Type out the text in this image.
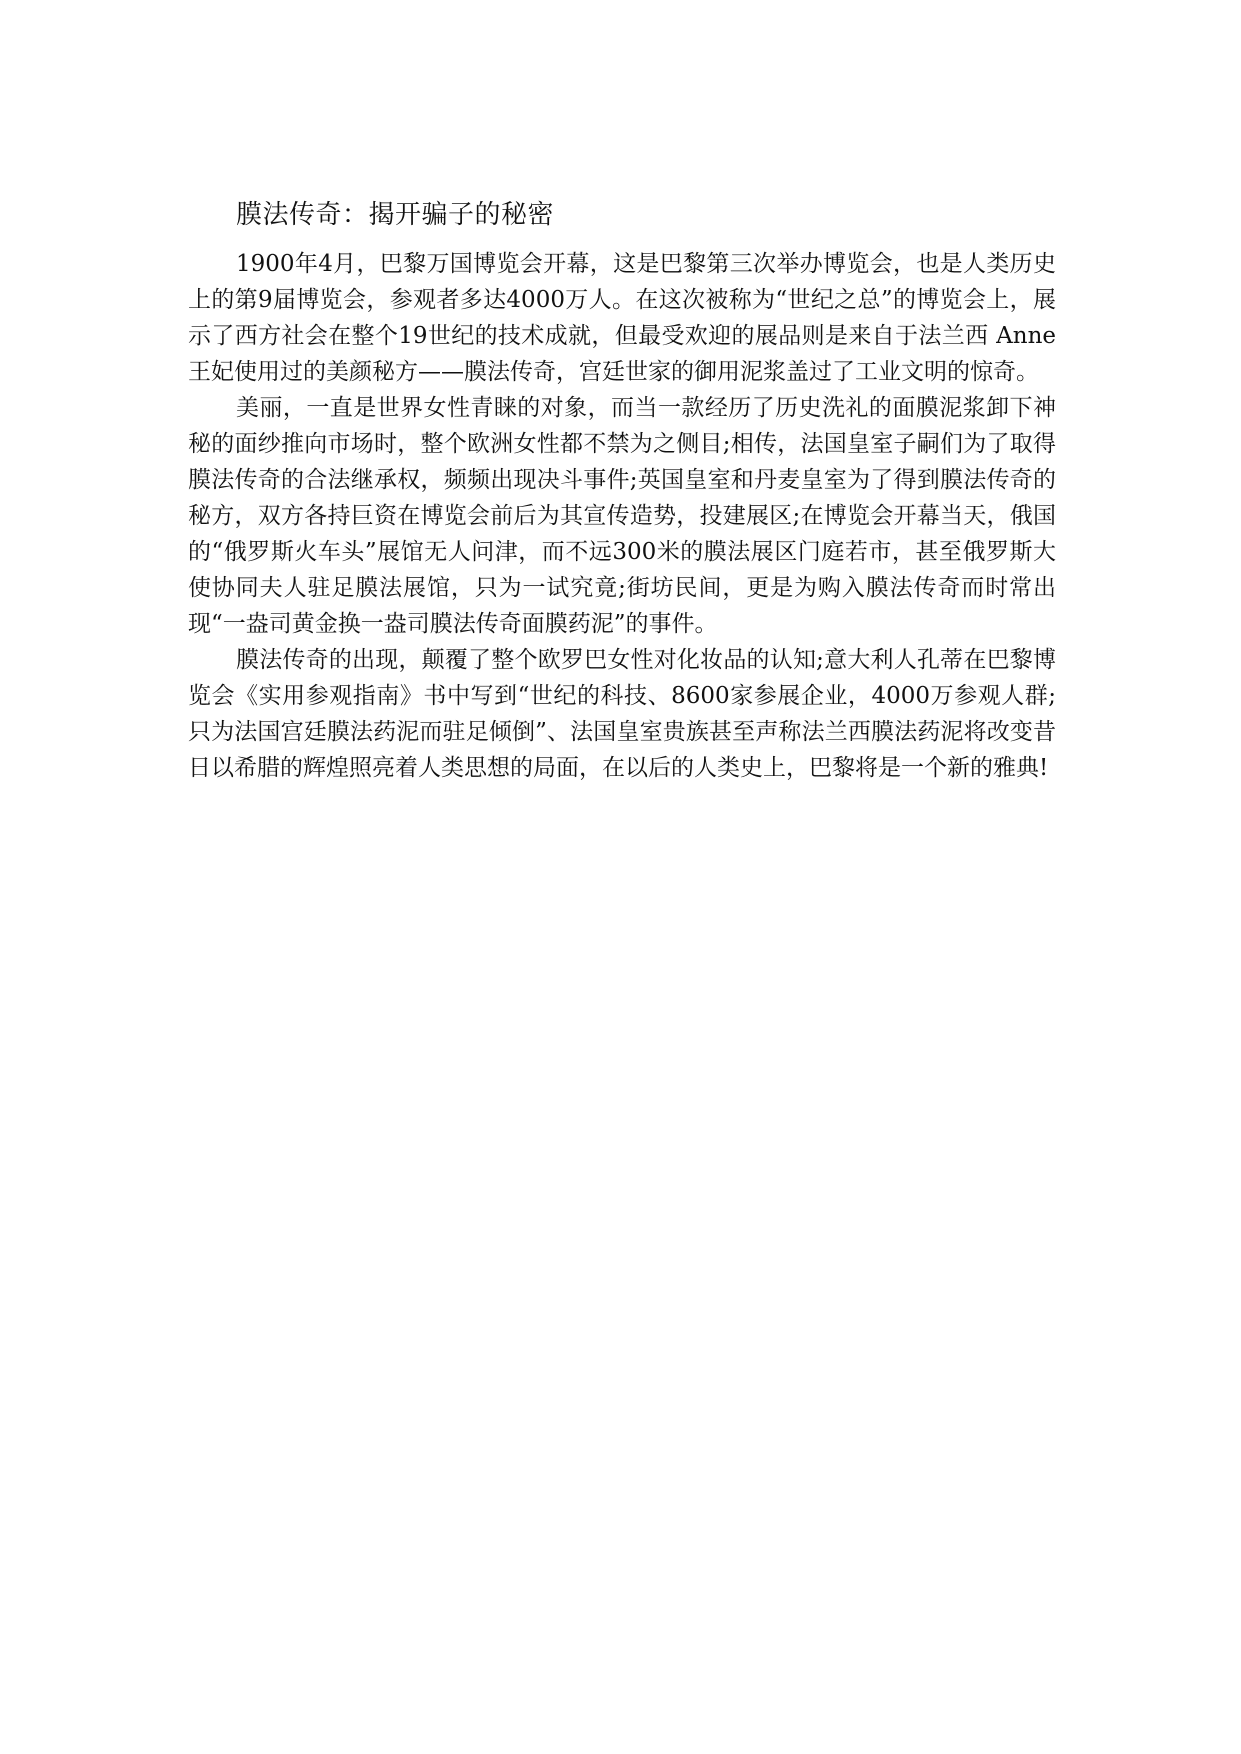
膜法传奇：揭开骗子的秘密

1900年4月，巴黎万国博览会开幕，这是巴黎第三次举办博览会，也是人类历史上的第9届博览会，参观者多达4000万人。在这次被称为“世纪之总”的博览会上，展示了西方社会在整个19世纪的技术成就，但最受欢迎的展品则是来自于法兰西 Anne 王妃使用过的美颜秘方——膜法传奇，宫廷世家的御用泥浆盖过了工业文明的惊奇。

美丽，一直是世界女性青睐的对象，而当一款经历了历史洗礼的面膜泥浆卸下神秘的面纱推向市场时，整个欧洲女性都不禁为之侧目;相传，法国皇室子嗣们为了取得膜法传奇的合法继承权，频频出现决斗事件;英国皇室和丹麦皇室为了得到膜法传奇的秘方，双方各持巨资在博览会前后为其宣传造势，投建展区;在博览会开幕当天，俄国的“俄罗斯火车头”展馆无人问津，而不远300米的膜法展区门庭若市，甚至俄罗斯大使协同夫人驻足膜法展馆，只为一试究竟;街坊民间，更是为购入膜法传奇而时常出现“一盎司黄金换一盎司膜法传奇面膜药泥”的事件。

膜法传奇的出现，颠覆了整个欧罗巴女性对化妆品的认知;意大利人孔蒂在巴黎博览会《实用参观指南》书中写到“世纪的科技、8600家参展企业，4000万参观人群;只为法国宫廷膜法药泥而驻足倾倒”、法国皇室贵族甚至声称法兰西膜法药泥将改变昔日以希腊的辉煌照亮着人类思想的局面，在以后的人类史上，巴黎将是一个新的雅典!
